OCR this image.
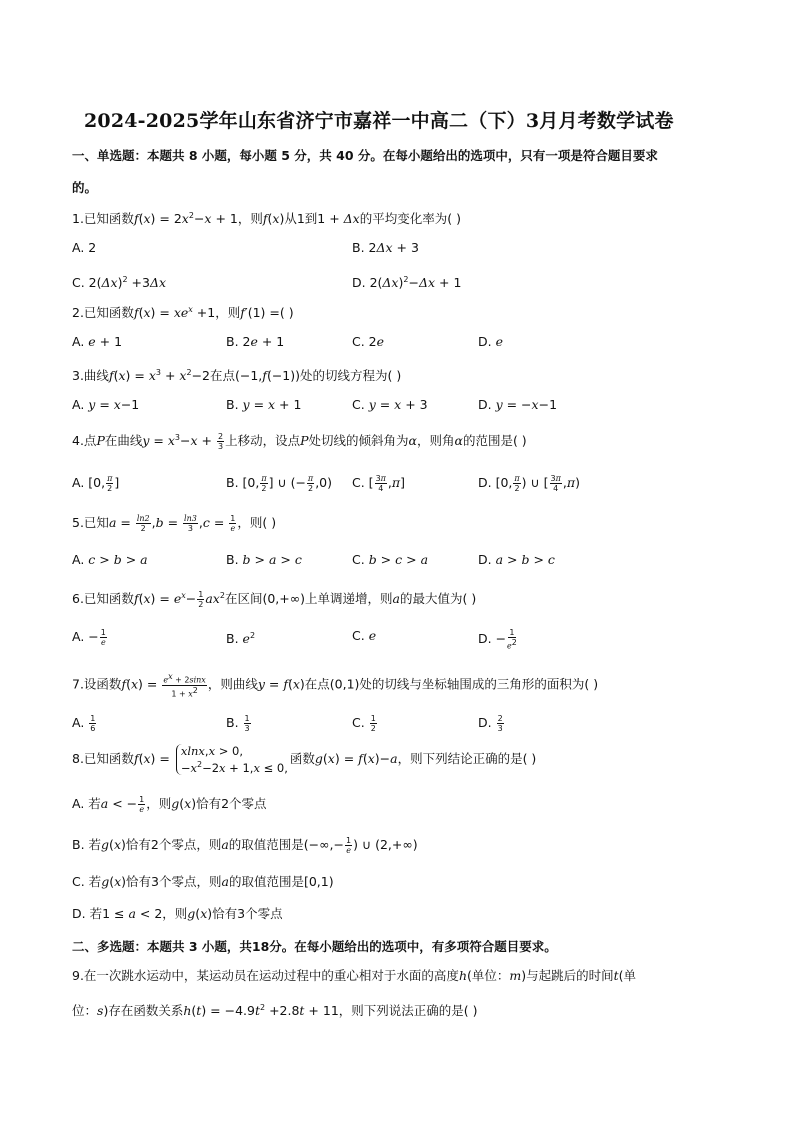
2024-2025学年山东省济宁市嘉祥一中高二（下）3月月考数学试卷
一、单选题：本题共 8 小题，每小题 5 分，共 40 分。在每小题给出的选项中，只有一项是符合题目要求
的。
1.已知函数$f(x) = 2x^2-x + 1$，则f(x)从1到1 + Δx的平均变化率为( )
A. 2	B. 2Δx + 3
C. $2(\Delta x)^2 +3\Delta x$	D. $2(\Delta x)^2-\Delta x + 1$
2.已知函数$f(x) = xe^x +1$，则f′(1) =( )
A. e + 1	B. 2e + 1	C. 2e	D. e
3.曲线$f(x) = x^3 + x^2-2$在点(−1,f(−1))处的切线方程为( )
A. y = x−1	B. y = x + 1	C. y = x + 3	D. y = −x−1
4.点P在曲线$y = x^3-x + \frac{2}{3}$ 上移动，设点P处切线的倾斜角为α，则角α的范围是( )
A. [0, $\frac{\pi}{2}$ ]	B. [0, $\frac{\pi}{2}$ ] ∪ (− $\frac{\pi}{2} ,0$) C. [ $\frac{3\pi}{4} ,\pi$]	D. [0, $\frac{\pi}{2}$ ) ∪ [ $\frac{3\pi}{4} ,\pi$)
5.已知$a = \frac{\ln 2}{2} ,b = \frac{\ln 3}{3} ,c = \frac{1}{e}$ ，则( )
A. c > b > a	B. b > a > c	C. b > c > a	D. a > b > c
6.已知函数$f(x) = e^x- \frac{1}{2} ax^2$在区间(0,+∞)上单调递增，则a的最大值为( )
A. − $\frac{1}{e}$	B. $e^2$	C. e	D. − $\frac{1}{e^2}$
7.设函数$f(x) = \frac{e^x + 2\sin x}{1 + x^2}$ ，则曲线y = f(x)在点(0,1)处的切线与坐标轴围成的三角形的面积为( )
A. $\frac{1}{6}$	B. $\frac{1}{3}$	C. $\frac{1}{2}$	D. $\frac{2}{3}$
8.已知函数f(x) = xlnx,x > 0,
$-x^2-2x + 1,x \le 0$,函数g(x) = f(x)−a，则下列结论正确的是( )
A. 若a < − $\frac{1}{e}$ ，则g(x)恰有2个零点
B. 若g(x)恰有2个零点，则a的取值范围是(−∞,− $\frac{1}{e}$ ) ∪ (2,+∞)
C. 若g(x)恰有3个零点，则a的取值范围是[0,1)
D. 若1 ≤ a < 2，则g(x)恰有3个零点
二、多选题：本题共 3 小题，共18分。在每小题给出的选项中，有多项符合题目要求。
9.在一次跳水运动中，某运动员在运动过程中的重心相对于水面的高度h(单位：m)与起跳后的时间t(单
位：s)存在函数关系$h(t) = -4.9t^2 +2.8t + 11$，则下列说法正确的是( )
